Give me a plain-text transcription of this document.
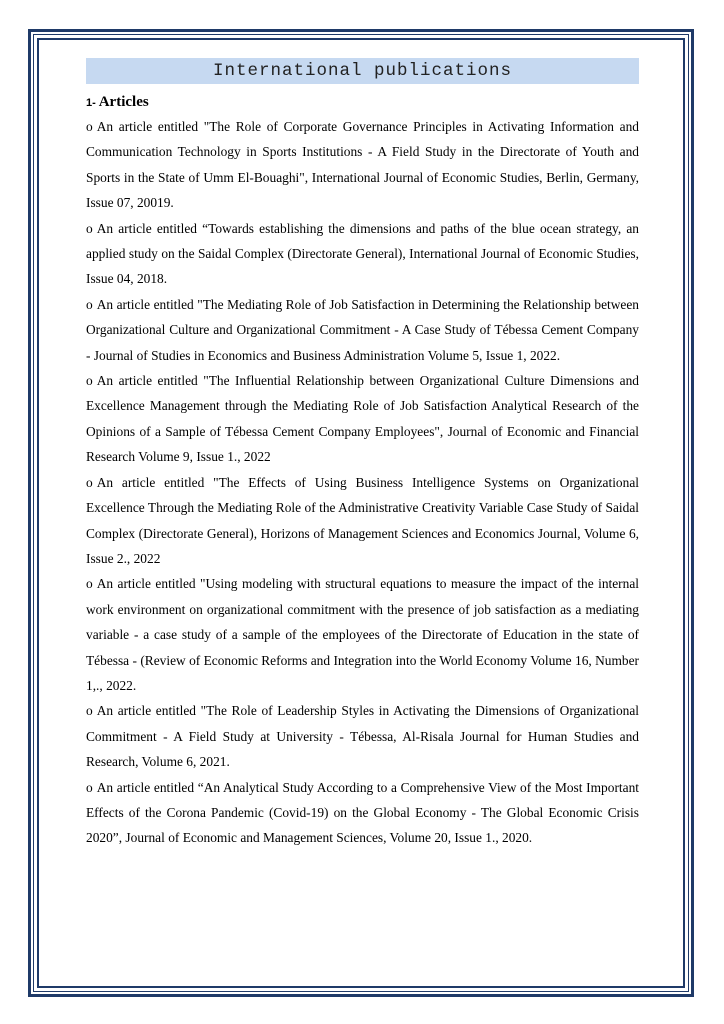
International publications
1- Articles
o An article entitled "The Role of Corporate Governance Principles in Activating Information and Communication Technology in Sports Institutions - A Field Study in the Directorate of Youth and Sports in the State of Umm El-Bouaghi", International Journal of Economic Studies, Berlin, Germany, Issue 07, 20019.
o An article entitled “Towards establishing the dimensions and paths of the blue ocean strategy, an applied study on the Saidal Complex (Directorate General), International Journal of Economic Studies, Issue 04, 2018.
o An article entitled "The Mediating Role of Job Satisfaction in Determining the Relationship between Organizational Culture and Organizational Commitment - A Case Study of Tébessa Cement Company - Journal of Studies in Economics and Business Administration Volume 5, Issue 1, 2022.
o An article entitled "The Influential Relationship between Organizational Culture Dimensions and Excellence Management through the Mediating Role of Job Satisfaction Analytical Research of the Opinions of a Sample of Tébessa Cement Company Employees", Journal of Economic and Financial Research Volume 9, Issue 1., 2022
o An article entitled "The Effects of Using Business Intelligence Systems on Organizational Excellence Through the Mediating Role of the Administrative Creativity Variable Case Study of Saidal Complex (Directorate General), Horizons of Management Sciences and Economics Journal, Volume 6, Issue 2., 2022
o An article entitled "Using modeling with structural equations to measure the impact of the internal work environment on organizational commitment with the presence of job satisfaction as a mediating variable - a case study of a sample of the employees of the Directorate of Education in the state of Tébessa - (Review of Economic Reforms and Integration into the World Economy Volume 16, Number 1,., 2022.
o An article entitled "The Role of Leadership Styles in Activating the Dimensions of Organizational Commitment - A Field Study at University - Tébessa, Al-Risala Journal for Human Studies and Research, Volume 6, 2021.
o An article entitled “An Analytical Study According to a Comprehensive View of the Most Important Effects of the Corona Pandemic (Covid-19) on the Global Economy - The Global Economic Crisis 2020”, Journal of Economic and Management Sciences, Volume 20, Issue 1., 2020.
